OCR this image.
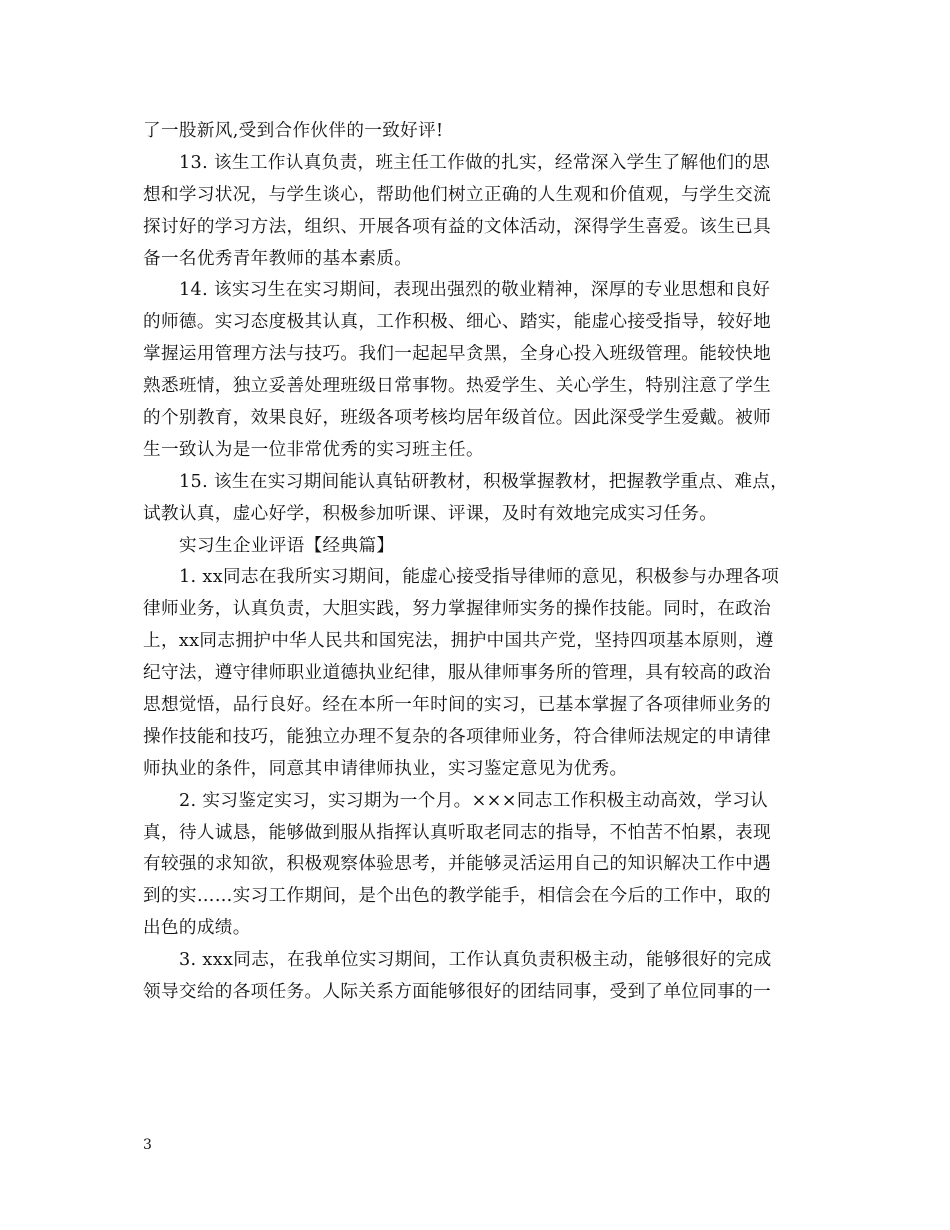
了一股新风,受到合作伙伴的一致好评!
13. 该生工作认真负责，班主任工作做的扎实，经常深入学生了解他们的思
想和学习状况，与学生谈心，帮助他们树立正确的人生观和价值观，与学生交流
探讨好的学习方法，组织、开展各项有益的文体活动，深得学生喜爱。该生已具
备一名优秀青年教师的基本素质。
14. 该实习生在实习期间，表现出强烈的敬业精神，深厚的专业思想和良好
的师德。实习态度极其认真，工作积极、细心、踏实，能虚心接受指导，较好地
掌握运用管理方法与技巧。我们一起起早贪黑，全身心投入班级管理。能较快地
熟悉班情，独立妥善处理班级日常事物。热爱学生、关心学生，特别注意了学生
的个别教育，效果良好，班级各项考核均居年级首位。因此深受学生爱戴。被师
生一致认为是一位非常优秀的实习班主任。
15. 该生在实习期间能认真钻研教材，积极掌握教材，把握教学重点、难点，
试教认真，虚心好学，积极参加听课、评课，及时有效地完成实习任务。
实习生企业评语【经典篇】
1. xx同志在我所实习期间，能虚心接受指导律师的意见，积极参与办理各项
律师业务，认真负责，大胆实践，努力掌握律师实务的操作技能。同时，在政治
上，xx同志拥护中华人民共和国宪法，拥护中国共产党，坚持四项基本原则，遵
纪守法，遵守律师职业道德执业纪律，服从律师事务所的管理，具有较高的政治
思想觉悟，品行良好。经在本所一年时间的实习，已基本掌握了各项律师业务的
操作技能和技巧，能独立办理不复杂的各项律师业务，符合律师法规定的申请律
师执业的条件，同意其申请律师执业，实习鉴定意见为优秀。
2. 实习鉴定实习，实习期为一个月。×××同志工作积极主动高效，学习认
真，待人诚恳，能够做到服从指挥认真听取老同志的指导，不怕苦不怕累，表现
有较强的求知欲，积极观察体验思考，并能够灵活运用自己的知识解决工作中遇
到的实……实习工作期间，是个出色的教学能手，相信会在今后的工作中，取的
出色的成绩。
3. xxx同志，在我单位实习期间，工作认真负责积极主动，能够很好的完成
领导交给的各项任务。人际关系方面能够很好的团结同事，受到了单位同事的一
3
